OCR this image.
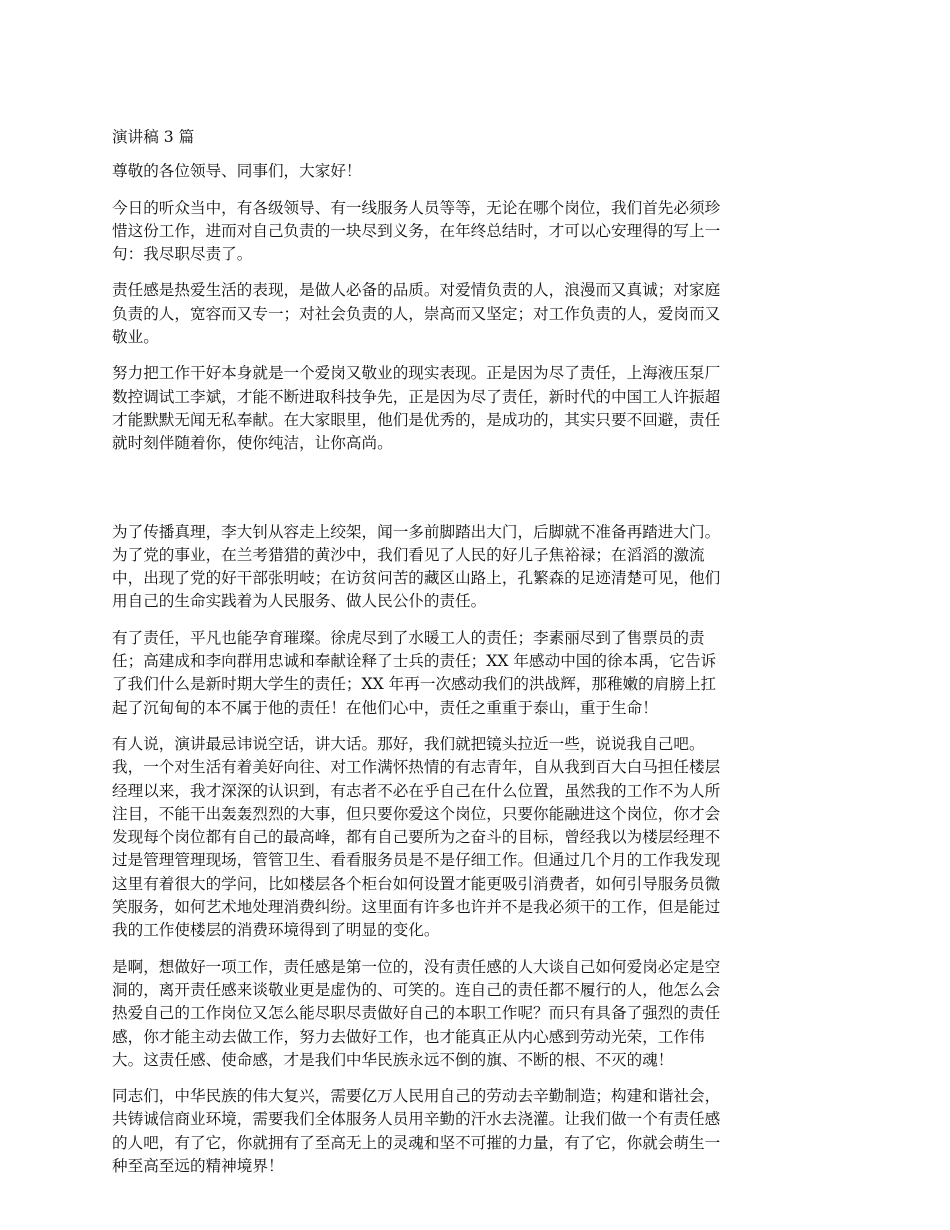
演讲稿 3 篇
尊敬的各位领导、同事们，大家好！
今日的听众当中，有各级领导、有一线服务人员等等，无论在哪个岗位，我们首先必须珍
惜这份工作，进而对自己负责的一块尽到义务，在年终总结时，才可以心安理得的写上一
句：我尽职尽责了。
责任感是热爱生活的表现，是做人必备的品质。对爱情负责的人，浪漫而又真诚；对家庭
负责的人，宽容而又专一；对社会负责的人，崇高而又坚定；对工作负责的人，爱岗而又
敬业。
努力把工作干好本身就是一个爱岗又敬业的现实表现。正是因为尽了责任，上海液压泵厂
数控调试工李斌，才能不断进取科技争先，正是因为尽了责任，新时代的中国工人许振超
才能默默无闻无私奉献。在大家眼里，他们是优秀的，是成功的，其实只要不回避，责任
就时刻伴随着你，使你纯洁，让你高尚。
为了传播真理，李大钊从容走上绞架，闻一多前脚踏出大门，后脚就不准备再踏进大门。
为了党的事业，在兰考猎猎的黄沙中，我们看见了人民的好儿子焦裕禄；在滔滔的激流
中，出现了党的好干部张明岐；在访贫问苦的藏区山路上，孔繁森的足迹清楚可见，他们
用自己的生命实践着为人民服务、做人民公仆的责任。
有了责任，平凡也能孕育璀璨。徐虎尽到了水暖工人的责任；李素丽尽到了售票员的责
任；高建成和李向群用忠诚和奉献诠释了士兵的责任；XX 年感动中国的徐本禹，它告诉
了我们什么是新时期大学生的责任；XX 年再一次感动我们的洪战辉，那稚嫩的肩膀上扛
起了沉甸甸的本不属于他的责任！在他们心中，责任之重重于泰山，重于生命！
有人说，演讲最忌讳说空话，讲大话。那好，我们就把镜头拉近一些，说说我自己吧。
我，一个对生活有着美好向往、对工作满怀热情的有志青年，自从我到百大白马担任楼层
经理以来，我才深深的认识到，有志者不必在乎自己在什么位置，虽然我的工作不为人所
注目，不能干出轰轰烈烈的大事，但只要你爱这个岗位，只要你能融进这个岗位，你才会
发现每个岗位都有自己的最高峰，都有自己要所为之奋斗的目标，曾经我以为楼层经理不
过是管理管理现场，管管卫生、看看服务员是不是仔细工作。但通过几个月的工作我发现
这里有着很大的学问，比如楼层各个柜台如何设置才能更吸引消费者，如何引导服务员微
笑服务，如何艺术地处理消费纠纷。这里面有许多也许并不是我必须干的工作，但是能过
我的工作使楼层的消费环境得到了明显的变化。
是啊，想做好一项工作，责任感是第一位的，没有责任感的人大谈自己如何爱岗必定是空
洞的，离开责任感来谈敬业更是虚伪的、可笑的。连自己的责任都不履行的人，他怎么会
热爱自己的工作岗位又怎么能尽职尽责做好自己的本职工作呢？而只有具备了强烈的责任
感，你才能主动去做工作，努力去做好工作，也才能真正从内心感到劳动光荣，工作伟
大。这责任感、使命感，才是我们中华民族永远不倒的旗、不断的根、不灭的魂！
同志们，中华民族的伟大复兴，需要亿万人民用自己的劳动去辛勤制造；构建和谐社会，
共铸诚信商业环境，需要我们全体服务人员用辛勤的汗水去浇灌。让我们做一个有责任感
的人吧，有了它，你就拥有了至高无上的灵魂和坚不可摧的力量，有了它，你就会萌生一
种至高至远的精神境界！
